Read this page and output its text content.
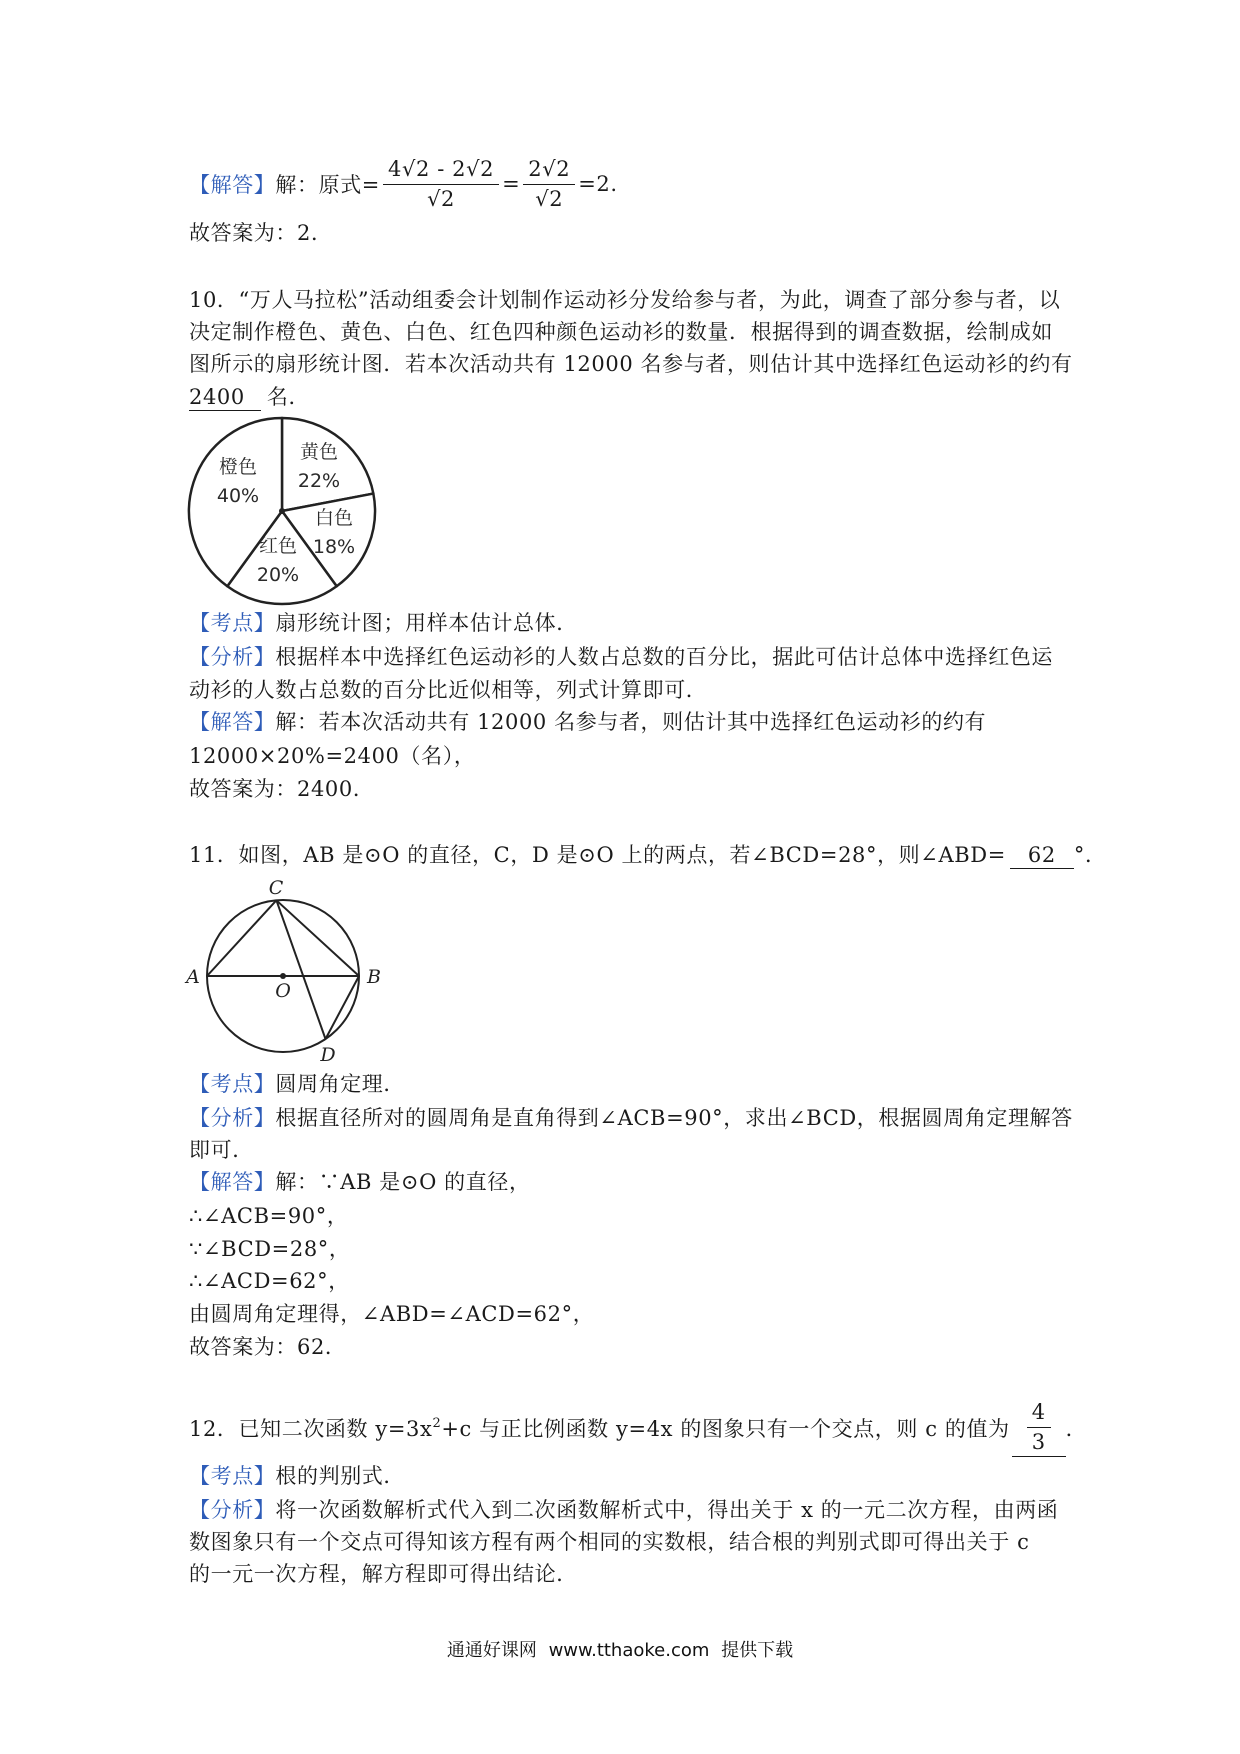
【解答】 解：原式= $\frac{4√2 - 2√2}{√2} = \frac{2√2}{√2} =2$.
故答案为：2．
10．“万人马拉松”活动组委会计划制作运动衫分发给参与者，为此，调查了部分参与者，以
决定制作橙色、黄色、白色、红色四种颜色运动衫的数量．根据得到的调查数据，绘制成如
图所示的扇形统计图．若本次活动共有 12000 名参与者，则估计其中选择红色运动衫的约有
2400 名．
黄色
22%
白色
18%
红色
20%
橙色
40%
【考点】扇形统计图；用样本估计总体．
【分析】根据样本中选择红色运动衫的人数占总数的百分比，据此可估计总体中选择红色运
动衫的人数占总数的百分比近似相等，列式计算即可．
【解答】解：若本次活动共有 12000 名参与者，则估计其中选择红色运动衫的约有
12000×20%=2400（名），
故答案为：2400．
11．如图，AB 是⊙O 的直径，C，D 是⊙O 上的两点，若∠BCD=28°，则∠ABD= 62 °．
C
A	B
O
D
【考点】圆周角定理．
【分析】根据直径所对的圆周角是直角得到∠ACB=90°，求出∠BCD，根据圆周角定理解答
即可．
【解答】解：∵AB 是⊙O 的直径，
∴∠ACB=90°，
∵∠BCD=28°，
∴∠ACD=62°，
由圆周角定理得，∠ABD=∠ACD=62°，
故答案为：62．
12．已知二次函数 $y=3x^2+c$ 与正比例函数 y=4x 的图象只有一个交点，则 c 的值为 $\frac{4}{3}$ ．
【考点】根的判别式．
【分析】将一次函数解析式代入到二次函数解析式中，得出关于 x 的一元二次方程，由两函
数图象只有一个交点可得知该方程有两个相同的实数根，结合根的判别式即可得出关于 c
的一元一次方程，解方程即可得出结论．
通通好课网 www.tthaoke.com 提供下载
